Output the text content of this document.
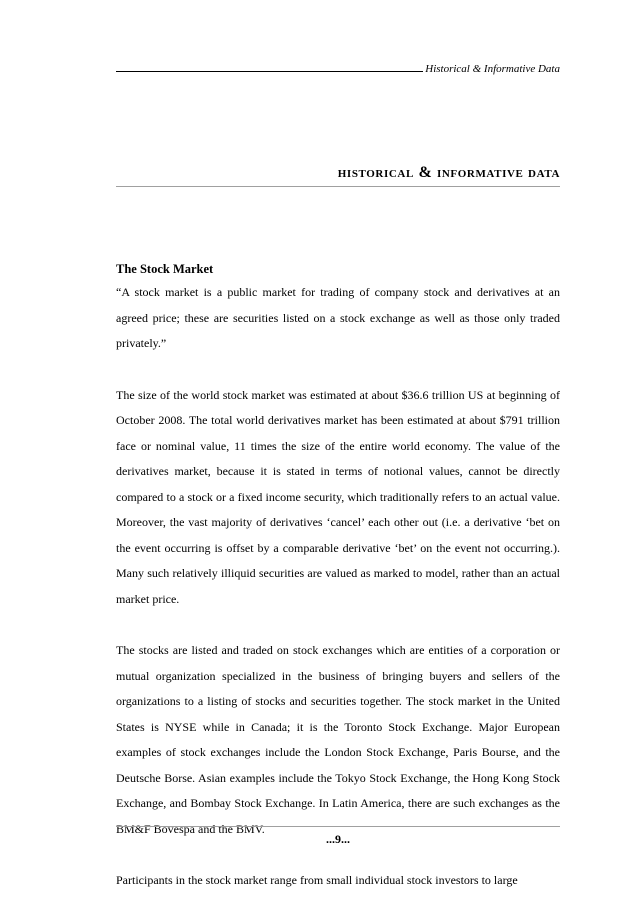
Historical & Informative Data
historical & informative data
The Stock Market

“A stock market is a public market for trading of company stock and derivatives at an agreed price; these are securities listed on a stock exchange as well as those only traded privately.”

The size of the world stock market was estimated at about $36.6 trillion US at beginning of October 2008. The total world derivatives market has been estimated at about $791 trillion face or nominal value, 11 times the size of the entire world economy. The value of the derivatives market, because it is stated in terms of notional values, cannot be directly compared to a stock or a fixed income security, which traditionally refers to an actual value. Moreover, the vast majority of derivatives ‘cancel’ each other out (i.e. a derivative ‘bet on the event occurring is offset by a comparable derivative ‘bet’ on the event not occurring.). Many such relatively illiquid securities are valued as marked to model, rather than an actual market price.

The stocks are listed and traded on stock exchanges which are entities of a corporation or mutual organization specialized in the business of bringing buyers and sellers of the organizations to a listing of stocks and securities together. The stock market in the United States is NYSE while in Canada; it is the Toronto Stock Exchange. Major European examples of stock exchanges include the London Stock Exchange, Paris Bourse, and the Deutsche Borse. Asian examples include the Tokyo Stock Exchange, the Hong Kong Stock Exchange, and Bombay Stock Exchange. In Latin America, there are such exchanges as the BM&F Bovespa and the BMV.

Participants in the stock market range from small individual stock investors to large

...9...
